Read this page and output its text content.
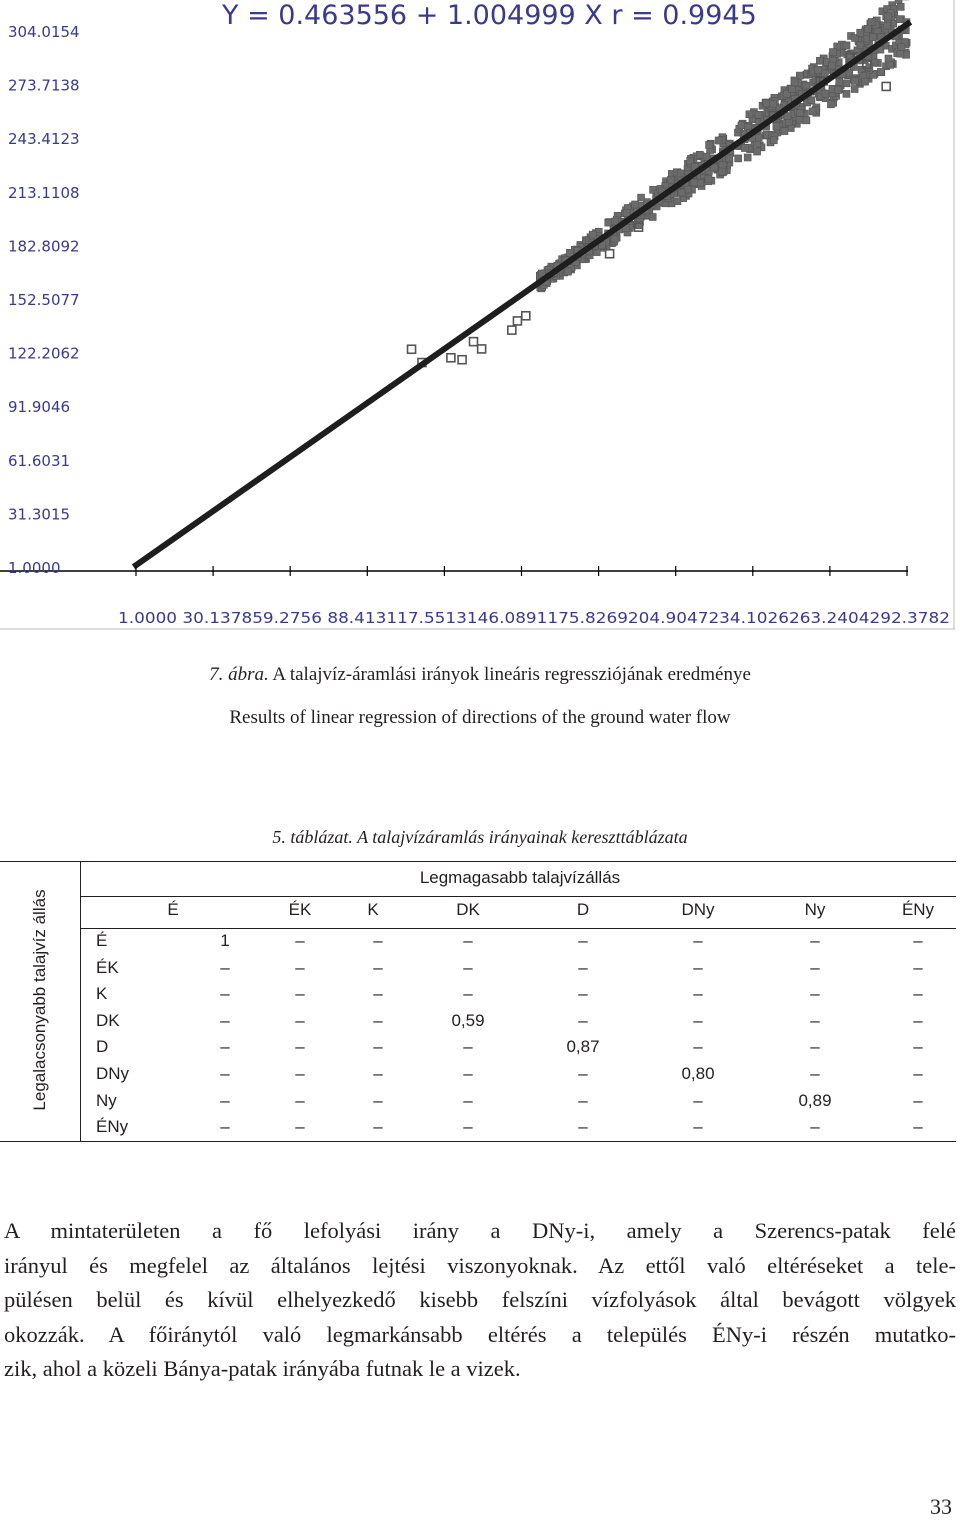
304.0154
273.7138
243.4123
213.1108
182.8092
152.5077
122.2062
91.9046
61.6031
31.3015
1.0000
1.0000 30.137859.2756 88.413117.5513146.0891175.8269204.9047234.1026263.2404292.3782
Y = 0.463556 + 1.004999 X r = 0.9945
7. ábra. A talajvíz-áramlási irányok lineáris regressziójának eredménye
Results of linear regression of directions of the ground water flow
5. táblázat. A talajvízáramlás irányainak kereszttáblázata
Legalacsonyabb talajvíz állás
Legmagasabb talajvízállás
É	ÉK	K	DK	D	DNy	Ny	ÉNy
É	1	–	–	–	–	–	–	–
ÉK	–	–	–	–	–	–	–	–
K	–	–	–	–	–	–	–	–
DK	–	–	–	0,59	–	–	–	–
D	–	–	–	–	0,87	–	–	–
DNy	–	–	–	–	–	0,80	–	–
Ny	–	–	–	–	–	–	0,89	–
ÉNy	–	–	–	–	–	–	–	–
A mintaterületen a fő lefolyási irány a DNy-i, amely a Szerencs-patak felé
irányul és megfelel az általános lejtési viszonyoknak. Az ettől való eltéréseket a tele-
pülésen belül és kívül elhelyezkedő kisebb felszíni vízfolyások által bevágott völgyek
okozzák. A főiránytól való legmarkánsabb eltérés a település ÉNy-i részén mutatko-
zik, ahol a közeli Bánya-patak irányába futnak le a vizek.
33
